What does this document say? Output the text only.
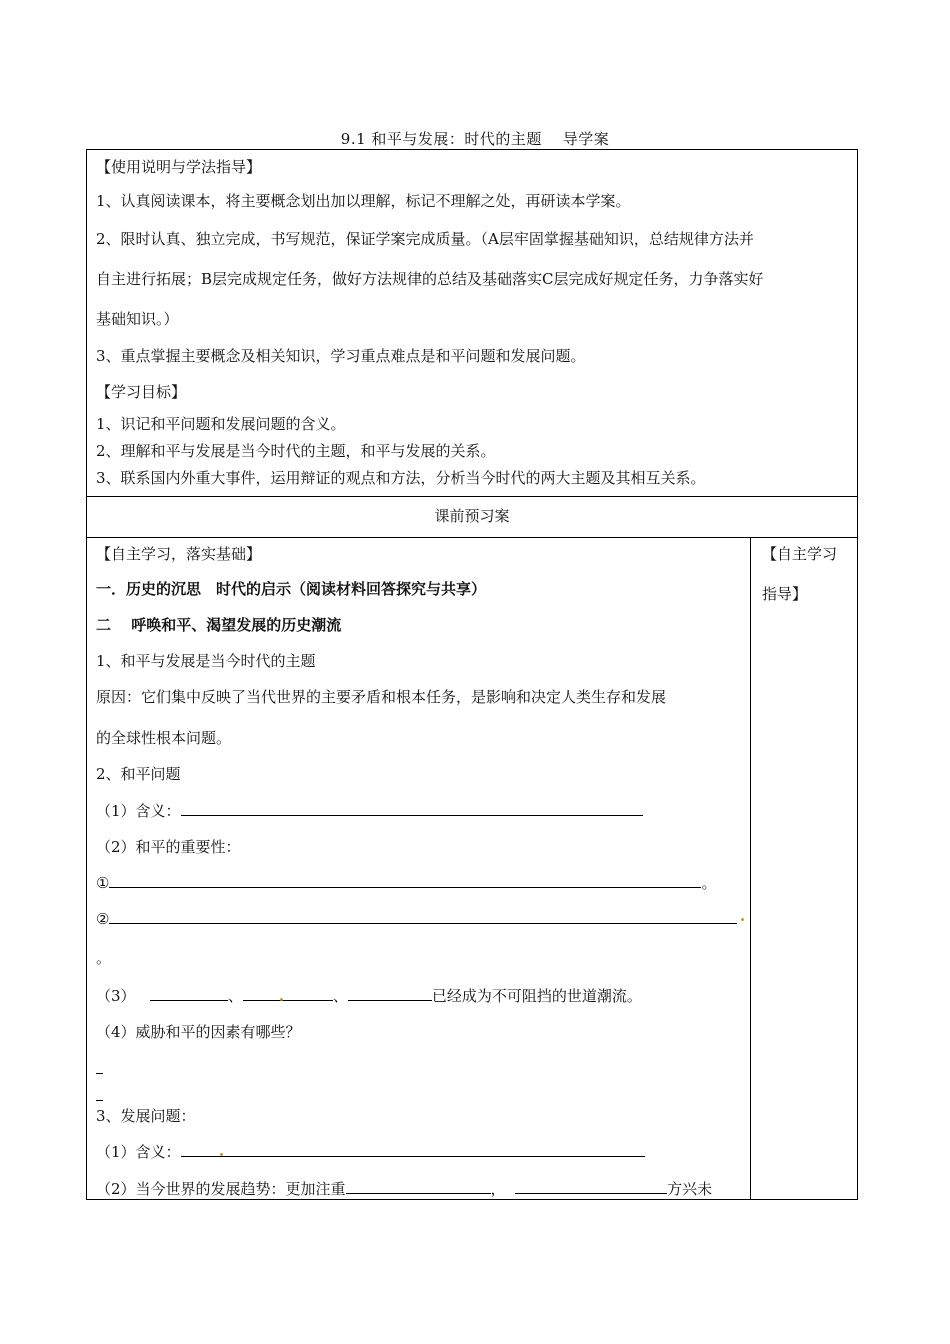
9.1 和平与发展：时代的主题　 导学案
【使用说明与学法指导】
1、认真阅读课本，将主要概念划出加以理解，标记不理解之处，再研读本学案。
2、限时认真、独立完成，书写规范，保证学案完成质量。（A层牢固掌握基础知识，总结规律方法并
自主进行拓展；B层完成规定任务，做好方法规律的总结及基础落实C层完成好规定任务，力争落实好
基础知识。）
3、重点掌握主要概念及相关知识，学习重点难点是和平问题和发展问题。
【学习目标】
1、识记和平问题和发展问题的含义。
2、理解和平与发展是当今时代的主题，和平与发展的关系。
3、联系国内外重大事件，运用辩证的观点和方法，分析当今时代的两大主题及其相互关系。
课前预习案
【自主学习，落实基础】
一．历史的沉思　时代的启示（阅读材料回答探究与共享）
二　 呼唤和平、渴望发展的历史潮流
1、和平与发展是当今时代的主题
原因：它们集中反映了当代世界的主要矛盾和根本任务，是影响和决定人类生存和发展
的全球性根本问题。
2、和平问题
（1）含义：
（2）和平的重要性：
①	。
②
。
（3）	、	、	已经成为不可阻挡的世道潮流。
（4）威胁和平的因素有哪些？
3、发展问题：
（1）含义：
（2）当今世界的发展趋势：更加注重	，	方兴未
【自主学习
指导】
